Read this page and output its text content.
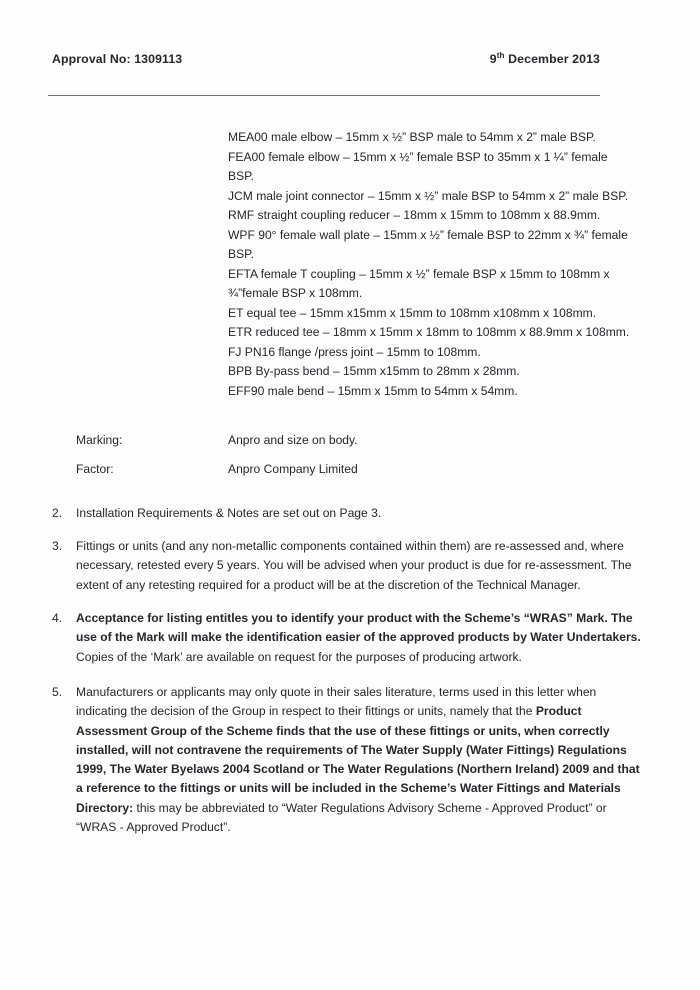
Approval No: 1309113	9th December 2013

MEA00 male elbow – 15mm x ½” BSP male to 54mm x 2” male BSP.

FEA00 female elbow – 15mm x ½” female BSP to 35mm x 1 ¼” female BSP.

JCM male joint connector – 15mm x ½” male BSP to 54mm x 2” male BSP.

RMF straight coupling reducer – 18mm x 15mm to 108mm x 88.9mm.

WPF 90° female wall plate – 15mm x ½” female BSP to 22mm x ¾” female BSP.

EFTA female T coupling – 15mm x ½” female BSP x 15mm to 108mm x ¾”female BSP x 108mm.

ET equal tee – 15mm x15mm x 15mm to 108mm x108mm x 108mm.

ETR reduced tee – 18mm x 15mm x 18mm to 108mm x 88.9mm x 108mm.

FJ PN16 flange /press joint – 15mm to 108mm.

BPB By-pass bend – 15mm x15mm to 28mm x 28mm.

EFF90 male bend – 15mm x 15mm to 54mm x 54mm.

Marking:	Anpro and size on body.
Factor:	Anpro Company Limited
2.	Installation Requirements & Notes are set out on Page 3.
3.	Fittings or units (and any non-metallic components contained within them) are re-assessed and, where necessary, retested every 5 years. You will be advised when your product is due for re-assessment. The extent of any retesting required for a product will be at the discretion of the Technical Manager.
4.	Acceptance for listing entitles you to identify your product with the Scheme’s “WRAS” Mark. The use of the Mark will make the identification easier of the approved products by Water Undertakers. Copies of the ‘Mark’ are available on request for the purposes of producing artwork.
5.	Manufacturers or applicants may only quote in their sales literature, terms used in this letter when indicating the decision of the Group in respect to their fittings or units, namely that the Product Assessment Group of the Scheme finds that the use of these fittings or units, when correctly installed, will not contravene the requirements of The Water Supply (Water Fittings) Regulations 1999, The Water Byelaws 2004 Scotland or The Water Regulations (Northern Ireland) 2009 and that a reference to the fittings or units will be included in the Scheme’s Water Fittings and Materials Directory: this may be abbreviated to “Water Regulations Advisory Scheme - Approved Product” or “WRAS - Approved Product”.
